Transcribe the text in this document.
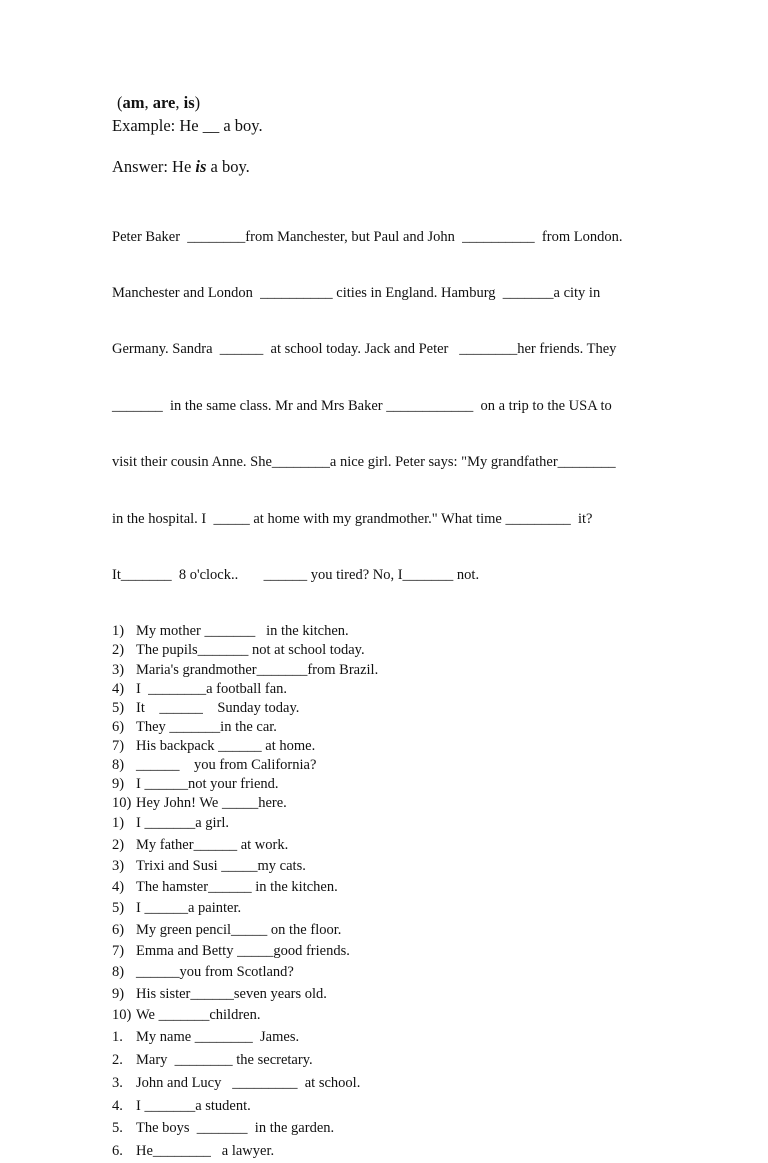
(am, are, is)
Example: He __ a boy.
Answer: He is a boy.

Peter Baker  ________from Manchester, but Paul and John  __________  from London.

Manchester and London  __________ cities in England. Hamburg  _______a city in

Germany. Sandra  ______  at school today. Jack and Peter   ________her friends. They

_______  in the same class. Mr and Mrs Baker ____________  on a trip to the USA to

visit their cousin Anne. She________a nice girl. Peter says: "My grandfather________

in the hospital. I  _____ at home with my grandmother." What time _________  it?

It_______  8 o'clock..       ______ you tired? No, I_______ not.

1) My mother _______   in the kitchen.
2) The pupils_______ not at school today.
3) Maria's grandmother_______from Brazil.
4) I  ________a football fan.
5) It    ______    Sunday today.
6) They _______in the car.
7) His backpack ______ at home.
8) ______    you from California?
9) I ______not your friend.
10) Hey John! We _____here.
1) I _______a girl.
2) My father______ at work.
3) Trixi and Susi _____my cats.
4) The hamster______ in the kitchen.
5) I ______a painter.
6) My green pencil_____ on the floor.
7) Emma and Betty _____good friends.
8) ______you from Scotland?
9) His sister______seven years old.
10) We _______children.
1. My name ________  James.
2. Mary  ________ the secretary.
3. John and Lucy   _________  at school.
4. I _______a student.
5. The boys  _______  in the garden.
6. He________   a lawyer.
